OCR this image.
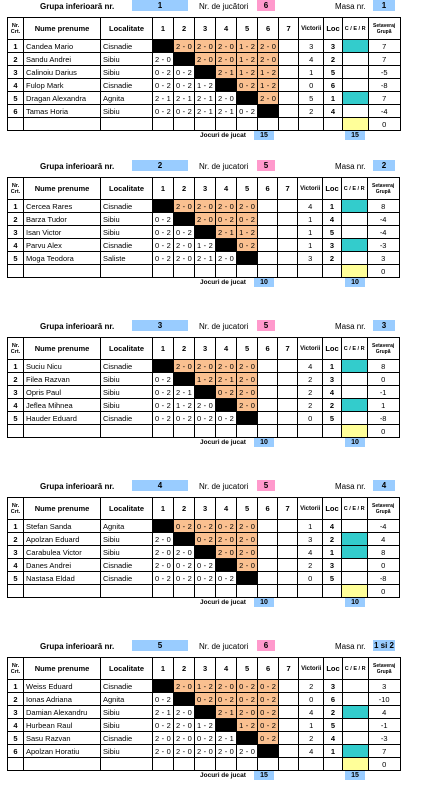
Grupa inferioară nr.	1	Nr. de jucători	6	Masa nr.	1
Nr. Crt.	Nume prenume	Localitate	1	2	3	4	5	6	7	Victorii	Loc	C / E / R	Setaveraj Grupă
1	Candea Mario	Cisnadie		2 - 0	2 - 0	2 - 0	1 - 2	2 - 0		3	3		7
2	Sandu Andrei	Sibiu	2 - 0		2 - 0	2 - 0	1 - 2	2 - 0		4	2		7
3	Calinoiu Darius	Sibiu	0 - 2	0 - 2		2 - 1	1 - 2	1 - 2		1	5		-5
4	Fulop Mark	Cisnadie	0 - 2	0 - 2	1 - 2		0 - 2	1 - 2		0	6		-8
5	Dragan Alexandra	Agnita	2 - 1	2 - 1	2 - 1	2 - 0		2 - 0		5	1		7
6	Tamas Horia	Sibiu	0 - 2	0 - 2	2 - 1	2 - 1	0 - 2			2	4		-4
													0
Jocuri de jucat	15	15
Grupa inferioară nr.	2	Nr. de jucatori	5	Masa nr.	2
Nr. Crt.	Nume prenume	Localitate	1	2	3	4	5	6	7	Victorii	Loc	C / E / R	Setaveraj Grupă
1	Cercea Rares	Cisnadie		2 - 0	2 - 0	2 - 0	2 - 0			4	1		8
2	Barza Tudor	Sibiu	0 - 2		2 - 0	0 - 2	0 - 2			1	4		-4
3	Isan Victor	Sibiu	0 - 2	0 - 2		2 - 1	1 - 2			1	5		-4
4	Parvu Alex	Cisnadie	0 - 2	2 - 0	1 - 2		0 - 2			1	3		-3
5	Moga Teodora	Saliste	0 - 2	2 - 0	2 - 1	2 - 0				3	2		3
													0
Jocuri de jucat	10	10
Grupa inferioară nr.	3	Nr. de jucatori	5	Masa nr.	3
Nr. Crt.	Nume prenume	Localitate	1	2	3	4	5	6	7	Victorii	Loc	C / E / R	Setaveraj Grupă
1	Suciu Nicu	Cisnadie		2 - 0	2 - 0	2 - 0	2 - 0			4	1		8
2	Filea Razvan	Sibiu	0 - 2		1 - 2	2 - 1	2 - 0			2	3		0
3	Opris Paul	Sibiu	0 - 2	2 - 1		0 - 2	2 - 0			2	4		-1
4	Jeflea Mihnea	Sibiu	0 - 2	1 - 2	2 - 0		2 - 0			2	2		1
5	Hauder Eduard	Cisnadie	0 - 2	0 - 2	0 - 2	0 - 2				0	5		-8
													0
Jocuri de jucat	10	10
Grupa inferioară nr.	4	Nr. de jucatori	5	Masa nr.	4
Nr. Crt.	Nume prenume	Localitate	1	2	3	4	5	6	7	Victorii	Loc	C / E / R	Setaveraj Grupă
1	Stefan Sanda	Agnita		0 - 2	0 - 2	0 - 2	2 - 0			1	4		-4
2	Apolzan Eduard	Sibiu	2 - 0		0 - 2	2 - 0	2 - 0			3	2		4
3	Carabulea Victor	Sibiu	2 - 0	2 - 0		2 - 0	2 - 0			4	1		8
4	Danes Andrei	Cisnadie	2 - 0	0 - 2	0 - 2		2 - 0			2	3		0
5	Nastasa Eldad	Cisnadie	0 - 2	0 - 2	0 - 2	0 - 2				0	5		-8
													0
Jocuri de jucat	10	10
Grupa inferioară nr.	5	Nr. de jucatori	6	Masa nr. 1 si 2
Nr. Crt.	Nume prenume	Localitate	1	2	3	4	5	6	7	Victorii	Loc	C / E / R	Setaveraj Grupă
1	Weiss Eduard	Cisnadie		2 - 0	1 - 2	2 - 0	0 - 2	0 - 2		2	3		3
2	Ionas Adriana	Agnita	0 - 2		0 - 2	0 - 2	0 - 2	0 - 2		0	6		-10
3	Damian Alexandru	Sibiu	2 - 1	2 - 0		2 - 1	2 - 0	0 - 2		4	2		4
4	Hurbean Raul	Sibiu	0 - 2	2 - 0	1 - 2		1 - 2	0 - 2		1	5		-1
5	Sasu Razvan	Cisnadie	2 - 0	2 - 0	0 - 2	2 - 1		0 - 2		2	4		-3
6	Apolzan Horatiu	Sibiu	2 - 0	2 - 0	2 - 0	2 - 0	2 - 0			4	1		7
													0
Jocuri de jucat	15	15
